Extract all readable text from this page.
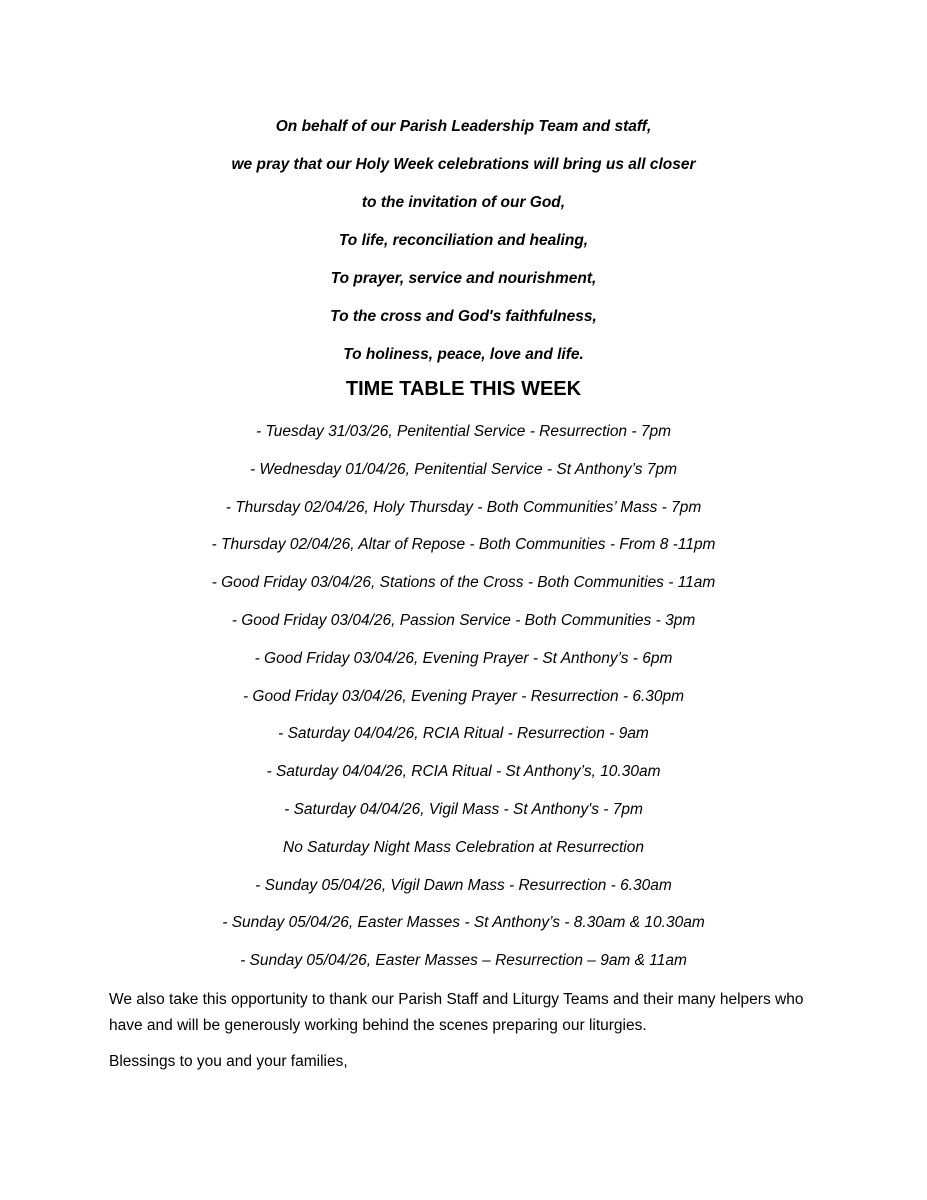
On behalf of our Parish Leadership Team and staff,
we pray that our Holy Week celebrations will bring us all closer
to the invitation of our God,
To life, reconciliation and healing,
To prayer, service and nourishment,
To the cross and God's faithfulness,
To holiness, peace, love and life.
TIME TABLE THIS WEEK
- Tuesday 31/03/26, Penitential Service - Resurrection - 7pm
- Wednesday 01/04/26, Penitential Service - St Anthony’s 7pm
- Thursday 02/04/26, Holy Thursday - Both Communities’ Mass - 7pm
- Thursday 02/04/26, Altar of Repose - Both Communities - From 8 -11pm
- Good Friday 03/04/26, Stations of the Cross - Both Communities - 11am
- Good Friday 03/04/26, Passion Service - Both Communities - 3pm
- Good Friday 03/04/26, Evening Prayer - St Anthony’s - 6pm
- Good Friday 03/04/26, Evening Prayer - Resurrection - 6.30pm
- Saturday 04/04/26, RCIA Ritual - Resurrection - 9am
- Saturday 04/04/26, RCIA Ritual - St Anthony’s, 10.30am
- Saturday 04/04/26, Vigil Mass - St Anthony's - 7pm
No Saturday Night Mass Celebration at Resurrection
- Sunday 05/04/26, Vigil Dawn Mass - Resurrection - 6.30am
- Sunday 05/04/26, Easter Masses - St Anthony’s - 8.30am & 10.30am
- Sunday 05/04/26, Easter Masses – Resurrection – 9am & 11am

We also take this opportunity to thank our Parish Staff and Liturgy Teams and their many helpers who have and will be generously working behind the scenes preparing our liturgies.

Blessings to you and your families,
